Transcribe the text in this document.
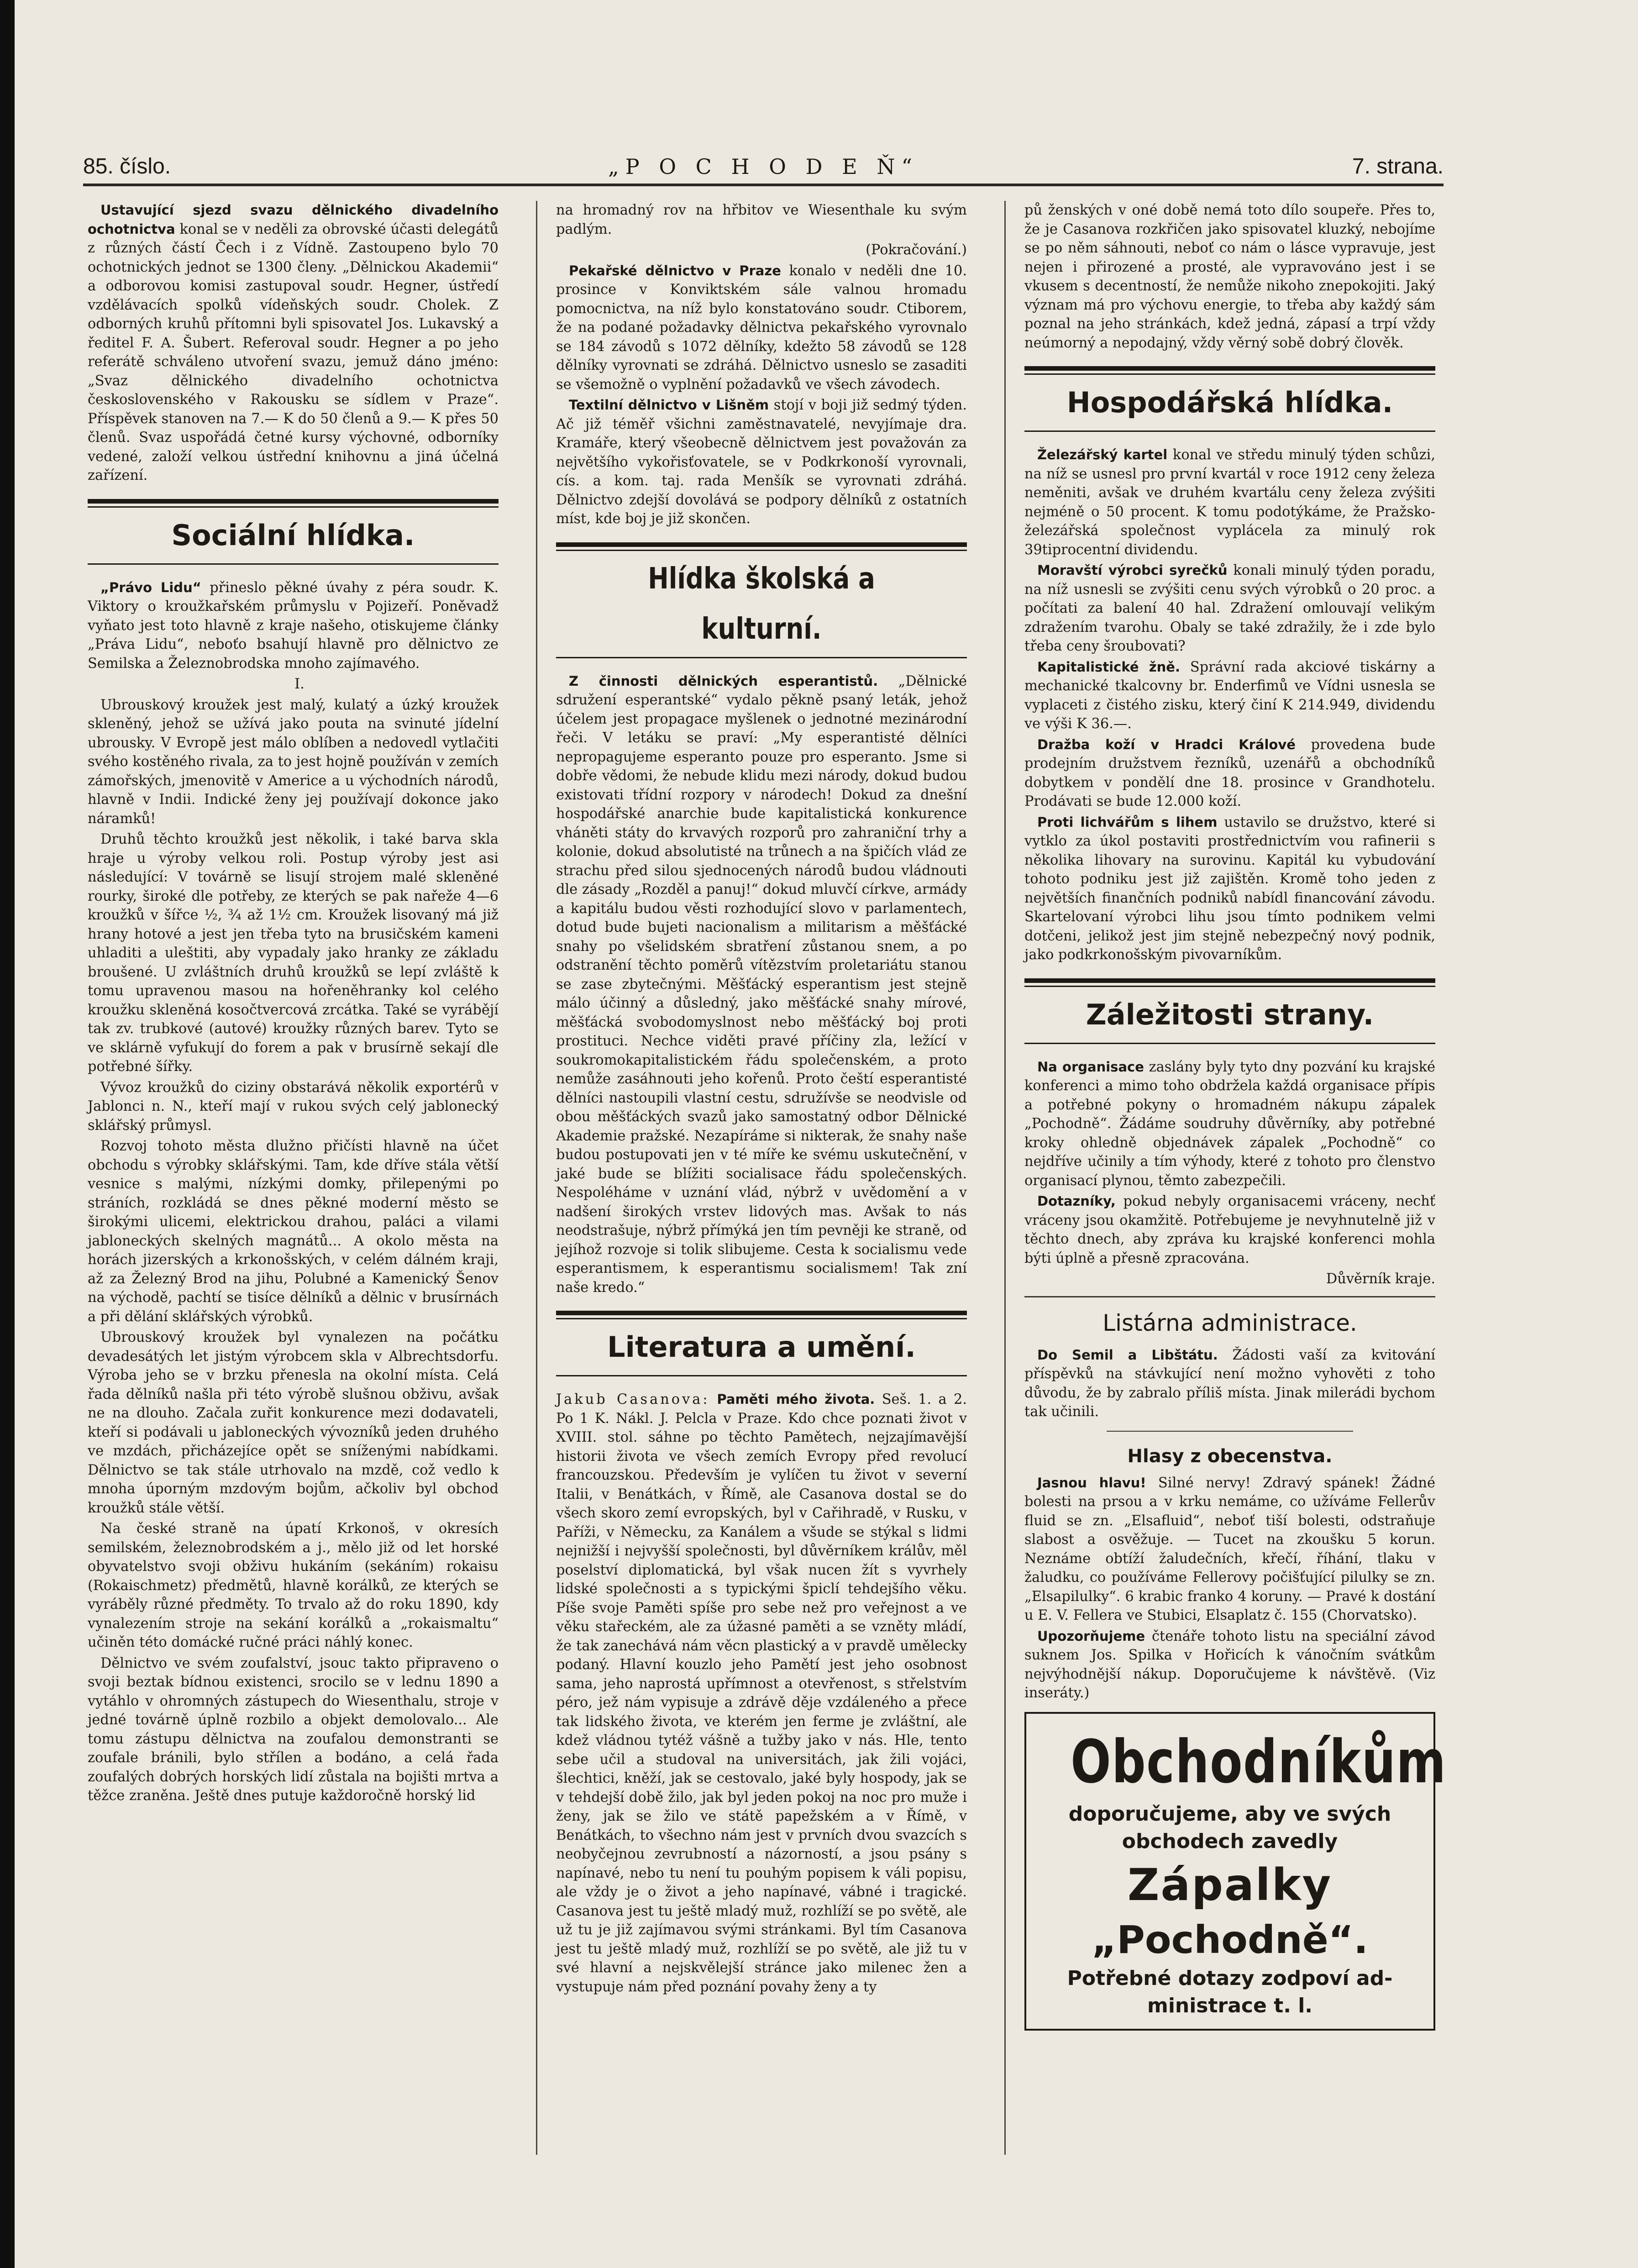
85. číslo.	„P O C H O D E Ň“	7. strana.

Ustavující sjezd svazu dělnického divadelního ochotnictva konal se v neděli za obrovské účasti delegátů z různých částí Čech i z Vídně. Zastoupeno bylo 70 ochotnických jednot se 1300 členy. „Dělnickou Akademii“ a odborovou komisi zastupoval soudr. Hegner, ústředí vzdělávacích spolků vídeňských soudr. Cholek. Z odborných kruhů přítomni byli spisovatel Jos. Lukavský a ředitel F. A. Šubert. Referoval soudr. Hegner a po jeho referátě schváleno utvoření svazu, jemuž dáno jméno: „Svaz dělnického divadelního ochotnictva československého v Rakousku se sídlem v Praze“. Příspěvek stanoven na 7.— K do 50 členů a 9.— K přes 50 členů. Svaz uspořádá četné kursy výchovné, odborníky vedené, založí velkou ústřední knihovnu a jiná účelná zařízení.

Sociální hlídka.

„Právo Lidu“ přineslo pěkné úvahy z péra soudr. K. Viktory o kroužkařském průmyslu v Pojizeří. Poněvadž vyňato jest toto hlavně z kraje našeho, otiskujeme články „Práva Lidu“, neboťo bsahují hlavně pro dělnictvo ze Semilska a Železnobrodska mnoho zajímavého.

I.

Ubrouskový kroužek jest malý, kulatý a úzký kroužek skleněný, jehož se užívá jako pouta na svinuté jídelní ubrousky. V Evropě jest málo oblíben a nedovedl vytlačiti svého kostěného rivala, za to jest hojně používán v zemích zámořských, jmenovitě v Americe a u východních národů, hlavně v Indii. Indické ženy jej používají dokonce jako náramků!

Druhů těchto kroužků jest několik, i také barva skla hraje u výroby velkou roli. Postup výroby jest asi následující: V továrně se lisují strojem malé skleněné rourky, široké dle potřeby, ze kterých se pak nařeže 4—6 kroužků v šířce ½, ¾ až 1½ cm. Kroužek lisovaný má již hrany hotové a jest jen třeba tyto na brusičském kameni uhladiti a uleštiti, aby vypadaly jako hranky ze základu broušené. U zvláštních druhů kroužků se lepí zvláště k tomu upravenou masou na hořeněhranky kol celého kroužku skleněná kosočtvercová zrcátka. Také se vyrábějí tak zv. trubkové (autové) kroužky různých barev. Tyto se ve sklárně vyfukují do forem a pak v brusírně sekají dle potřebné šířky.

Vývoz kroužků do ciziny obstarává několik exportérů v Jablonci n. N., kteří mají v rukou svých celý jablonecký sklářský průmysl.

Rozvoj tohoto města dlužno přičísti hlavně na účet obchodu s výrobky sklářskými. Tam, kde dříve stála větší vesnice s malými, nízkými domky, přilepenými po stráních, rozkládá se dnes pěkné moderní město se širokými ulicemi, elektrickou drahou, paláci a vilami jabloneckých skelných magnátů... A okolo města na horách jizerských a krkonošských, v celém dálném kraji, až za Železný Brod na jihu, Polubné a Kamenický Šenov na východě, pachtí se tisíce dělníků a dělnic v brusírnách a při dělání sklářských výrobků.

Ubrouskový kroužek byl vynalezen na počátku devadesátých let jistým výrobcem skla v Albrechtsdorfu. Výroba jeho se v brzku přenesla na okolní místa. Celá řada dělníků našla při této výrobě slušnou obživu, avšak ne na dlouho. Začala zuřit konkurence mezi dodavateli, kteří si podávali u jabloneckých vývozníků jeden druhého ve mzdách, přicházejíce opět se sníženými nabídkami. Dělnictvo se tak stále utrhovalo na mzdě, což vedlo k mnoha úporným mzdovým bojům, ačkoliv byl obchod kroužků stále větší.

Na české straně na úpatí Krkonoš, v okresích semilském, železnobrodském a j., mělo již od let horské obyvatelstvo svoji obživu hukáním (sekáním) rokaisu (Rokaischmetz) předmětů, hlavně korálků, ze kterých se vyráběly různé předměty. To trvalo až do roku 1890, kdy vynalezením stroje na sekání korálků a „rokaismaltu“ učiněn této domácké ručné práci náhlý konec.

Dělnictvo ve svém zoufalství, jsouc takto připraveno o svoji beztak bídnou existenci, srocilo se v lednu 1890 a vytáhlo v ohromných zástupech do Wiesenthalu, stroje v jedné továrně úplně rozbilo a objekt demolovalo... Ale tomu zástupu dělnictva na zoufalou demonstranti se zoufale bránili, bylo střílen a bodáno, a celá řada zoufalých dobrých horských lidí zůstala na bojišti mrtva a těžce zraněna. Ještě dnes putuje každoročně horský lid

na hromadný rov na hřbitov ve Wiesenthale ku svým padlým.

(Pokračování.)

Pekařské dělnictvo v Praze konalo v neděli dne 10. prosince v Konviktském sále valnou hromadu pomocnictva, na níž bylo konstatováno soudr. Ctiborem, že na podané požadavky dělnictva pekařského vyrovnalo se 184 závodů s 1072 dělníky, kdežto 58 závodů se 128 dělníky vyrovnati se zdráhá. Dělnictvo usneslo se zasaditi se všemožně o vyplnění požadavků ve všech závodech.

Textilní dělnictvo v Lišněm stojí v boji již sedmý týden. Ač již téměř všichni zaměstnavatelé, nevyjímaje dra. Kramáře, který všeobecně dělnictvem jest považován za největšího vykořisťovatele, se v Podkrkonoší vyrovnali, cís. a kom. taj. rada Menšík se vyrovnati zdráhá. Dělnictvo zdejší dovolává se podpory dělníků z ostatních míst, kde boj je již skončen.

Hlídka školská a kulturní.

Z činnosti dělnických esperantistů. „Dělnické sdružení esperantské“ vydalo pěkně psaný leták, jehož účelem jest propagace myšlenek o jednotné mezinárodní řeči. V letáku se praví: „My esperantisté dělníci nepropagujeme esperanto pouze pro esperanto. Jsme si dobře vědomi, že nebude klidu mezi národy, dokud budou existovati třídní rozpory v národech! Dokud za dnešní hospodářské anarchie bude kapitalistická konkurence vháněti státy do krvavých rozporů pro zahraniční trhy a kolonie, dokud absolutisté na trůnech a na špičích vlád ze strachu před silou sjednocených národů budou vládnouti dle zásady „Rozděl a panuj!“ dokud mluvčí církve, armády a kapitálu budou věsti rozhodující slovo v parlamentech, dotud bude bujeti nacionalism a militarism a měšťácké snahy po všelidském sbratření zůstanou snem, a po odstranění těchto poměrů vítězstvím proletariátu stanou se zase zbytečnými. Měšťácký esperantism jest stejně málo účinný a důsledný, jako měšťácké snahy mírové, měšťácká svobodomyslnost nebo měšťácký boj proti prostituci. Nechce viděti pravé příčiny zla, ležící v soukromokapitalistickém řádu společenském, a proto nemůže zasáhnouti jeho kořenů. Proto čeští esperantisté dělníci nastoupili vlastní cestu, sdružívše se neodvisle od obou měšťáckých svazů jako samostatný odbor Dělnické Akademie pražské. Nezapíráme si nikterak, že snahy naše budou postupovati jen v té míře ke svému uskutečnění, v jaké bude se blížiti socialisace řádu společenských. Nespoléháme v uznání vlád, nýbrž v uvědomění a v nadšení širokých vrstev lidových mas. Avšak to nás neodstrašuje, nýbrž přímýká jen tím pevněji ke straně, od jejíhož rozvoje si tolik slibujeme. Cesta k socialismu vede esperantismem, k esperantismu socialismem! Tak zní naše kredo.“

Literatura a umění.

Jakub Casanova: Paměti mého života. Seš. 1. a 2. Po 1 K. Nákl. J. Pelcla v Praze. Kdo chce poznati život v XVIII. stol. sáhne po těchto Pamětech, nejzajímavější historii života ve všech zemích Evropy před revolucí francouzskou. Především je vylíčen tu život v severní Italii, v Benátkách, v Římě, ale Casanova dostal se do všech skoro zemí evropských, byl v Cařihradě, v Rusku, v Paříži, v Německu, za Kanálem a všude se stýkal s lidmi nejnižší i nejvyšší společnosti, byl důvěrníkem králův, měl poselství diplomatická, byl však nucen žít s vyvrhely lidské společnosti a s typickými špiclí tehdejšího věku. Píše svoje Paměti spíše pro sebe než pro veřejnost a ve věku stařeckém, ale za úžasné paměti a se vzněty mládí, že tak zanechává nám věcn plastický a v pravdě umělecky podaný. Hlavní kouzlo jeho Pamětí jest jeho osobnost sama, jeho naprostá upřímnost a otevřenost, s střelstvím péro, jež nám vypisuje a zdrávě děje vzdáleného a přece tak lidského života, ve kterém jen ferme je zvláštní, ale kdež vládnou tytéž vášně a tužby jako v nás. Hle, tento sebe učil a studoval na universitách, jak žili vojáci, šlechtici, kněží, jak se cestovalo, jaké byly hospody, jak se v tehdejší době žilo, jak byl jeden pokoj na noc pro muže i ženy, jak se žilo ve státě papežském a v Římě, v Benátkách, to všechno nám jest v prvních dvou svazcích s neobyčejnou zevrubností a názorností, a jsou psány s napínavé, nebo tu není tu pouhým popisem k váli popisu, ale vždy je o život a jeho napínavé, vábné i tragické. Casanova jest tu ještě mladý muž, rozhlíží se po světě, ale už tu je již zajímavou svými stránkami. Byl tím Casanova jest tu ještě mladý muž, rozhlíží se po světě, ale již tu v své hlavní a nejskvělejší stránce jako milenec žen a vystupuje nám před poznání povahy ženy a ty

pů ženských v oné době nemá toto dílo soupeře. Přes to, že je Casanova rozkřičen jako spisovatel kluzký, nebojíme se po něm sáhnouti, neboť co nám o lásce vypravuje, jest nejen i přirozené a prosté, ale vypravováno jest i se vkusem s decentností, že nemůže nikoho znepokojiti. Jaký význam má pro výchovu energie, to třeba aby každý sám poznal na jeho stránkách, kdež jedná, zápasí a trpí vždy neúmorný a nepodajný, vždy věrný sobě dobrý člověk.

Hospodářská hlídka.

Železářský kartel konal ve středu minulý týden schůzi, na níž se usnesl pro první kvartál v roce 1912 ceny železa neměniti, avšak ve druhém kvartálu ceny železa zvýšiti nejméně o 50 procent. K tomu podotýkáme, že Pražsko-železářská společnost vyplácela za minulý rok 39tiprocentní dividendu.

Moravští výrobci syrečků konali minulý týden poradu, na níž usnesli se zvýšiti cenu svých výrobků o 20 proc. a počítati za balení 40 hal. Zdražení omlouvají velikým zdražením tvarohu. Obaly se také zdražily, že i zde bylo třeba ceny šroubovati?

Kapitalistické žně. Správní rada akciové tiskárny a mechanické tkalcovny br. Enderfimů ve Vídni usnesla se vyplaceti z čistého zisku, který činí K 214.949, dividendu ve výši K 36.—.

Dražba koží v Hradci Králové provedena bude prodejním družstvem řezníků, uzenářů a obchodníků dobytkem v pondělí dne 18. prosince v Grandhotelu. Prodávati se bude 12.000 koží.

Proti lichvářům s lihem ustavilo se družstvo, které si vytklo za úkol postaviti prostřednictvím vou rafinerii s několika lihovary na surovinu. Kapitál ku vybudování tohoto podniku jest již zajištěn. Kromě toho jeden z největších finančních podniků nabídl financování závodu. Skartelovaní výrobci lihu jsou tímto podnikem velmi dotčeni, jelikož jest jim stejně nebezpečný nový podnik, jako podkrkonošským pivovarníkům.

Záležitosti strany.

Na organisace zaslány byly tyto dny pozvání ku krajské konferenci a mimo toho obdržela každá organisace přípis a potřebné pokyny o hromadném nákupu zápalek „Pochodně“. Žádáme soudruhy důvěrníky, aby potřebné kroky ohledně objednávek zápalek „Pochodně“ co nejdříve učinily a tím výhody, které z tohoto pro členstvo organisací plynou, těmto zabezpečili.

Dotazníky, pokud nebyly organisacemi vráceny, nechť vráceny jsou okamžitě. Potřebujeme je nevyhnutelně již v těchto dnech, aby zpráva ku krajské konferenci mohla býti úplně a přesně zpracována.

Důvěrník kraje.

Listárna administrace.

Do Semil a Libštátu. Žádosti vaší za kvitování příspěvků na stávkující není možno vyhověti z toho důvodu, že by zabralo příliš místa. Jinak milerádi bychom tak učinili.

Hlasy z obecenstva.

Jasnou hlavu! Silné nervy! Zdravý spánek! Žádné bolesti na prsou a v krku nemáme, co užíváme Fellerův fluid se zn. „Elsafluid“, neboť tiší bolesti, odstraňuje slabost a osvěžuje. — Tucet na zkoušku 5 korun. Neznáme obtíží žaludečních, křečí, říhání, tlaku v žaludku, co používáme Fellerovy počišťující pilulky se zn. „Elsapilulky“. 6 krabic franko 4 koruny. — Pravé k dostání u E. V. Fellera ve Stubici, Elsaplatz č. 155 (Chorvatsko).

Upozorňujeme čtenáře tohoto listu na speciální závod suknem Jos. Spilka v Hořicích k vánočním svátkům nejvýhodnější nákup. Doporučujeme k návštěvě. (Viz inseráty.)

Obchodníkům
doporučujeme, aby ve svých
obchodech zavedly
Zápalky
„Pochodně“.
Potřebné dotazy zodpoví ad-
ministrace t. l.
